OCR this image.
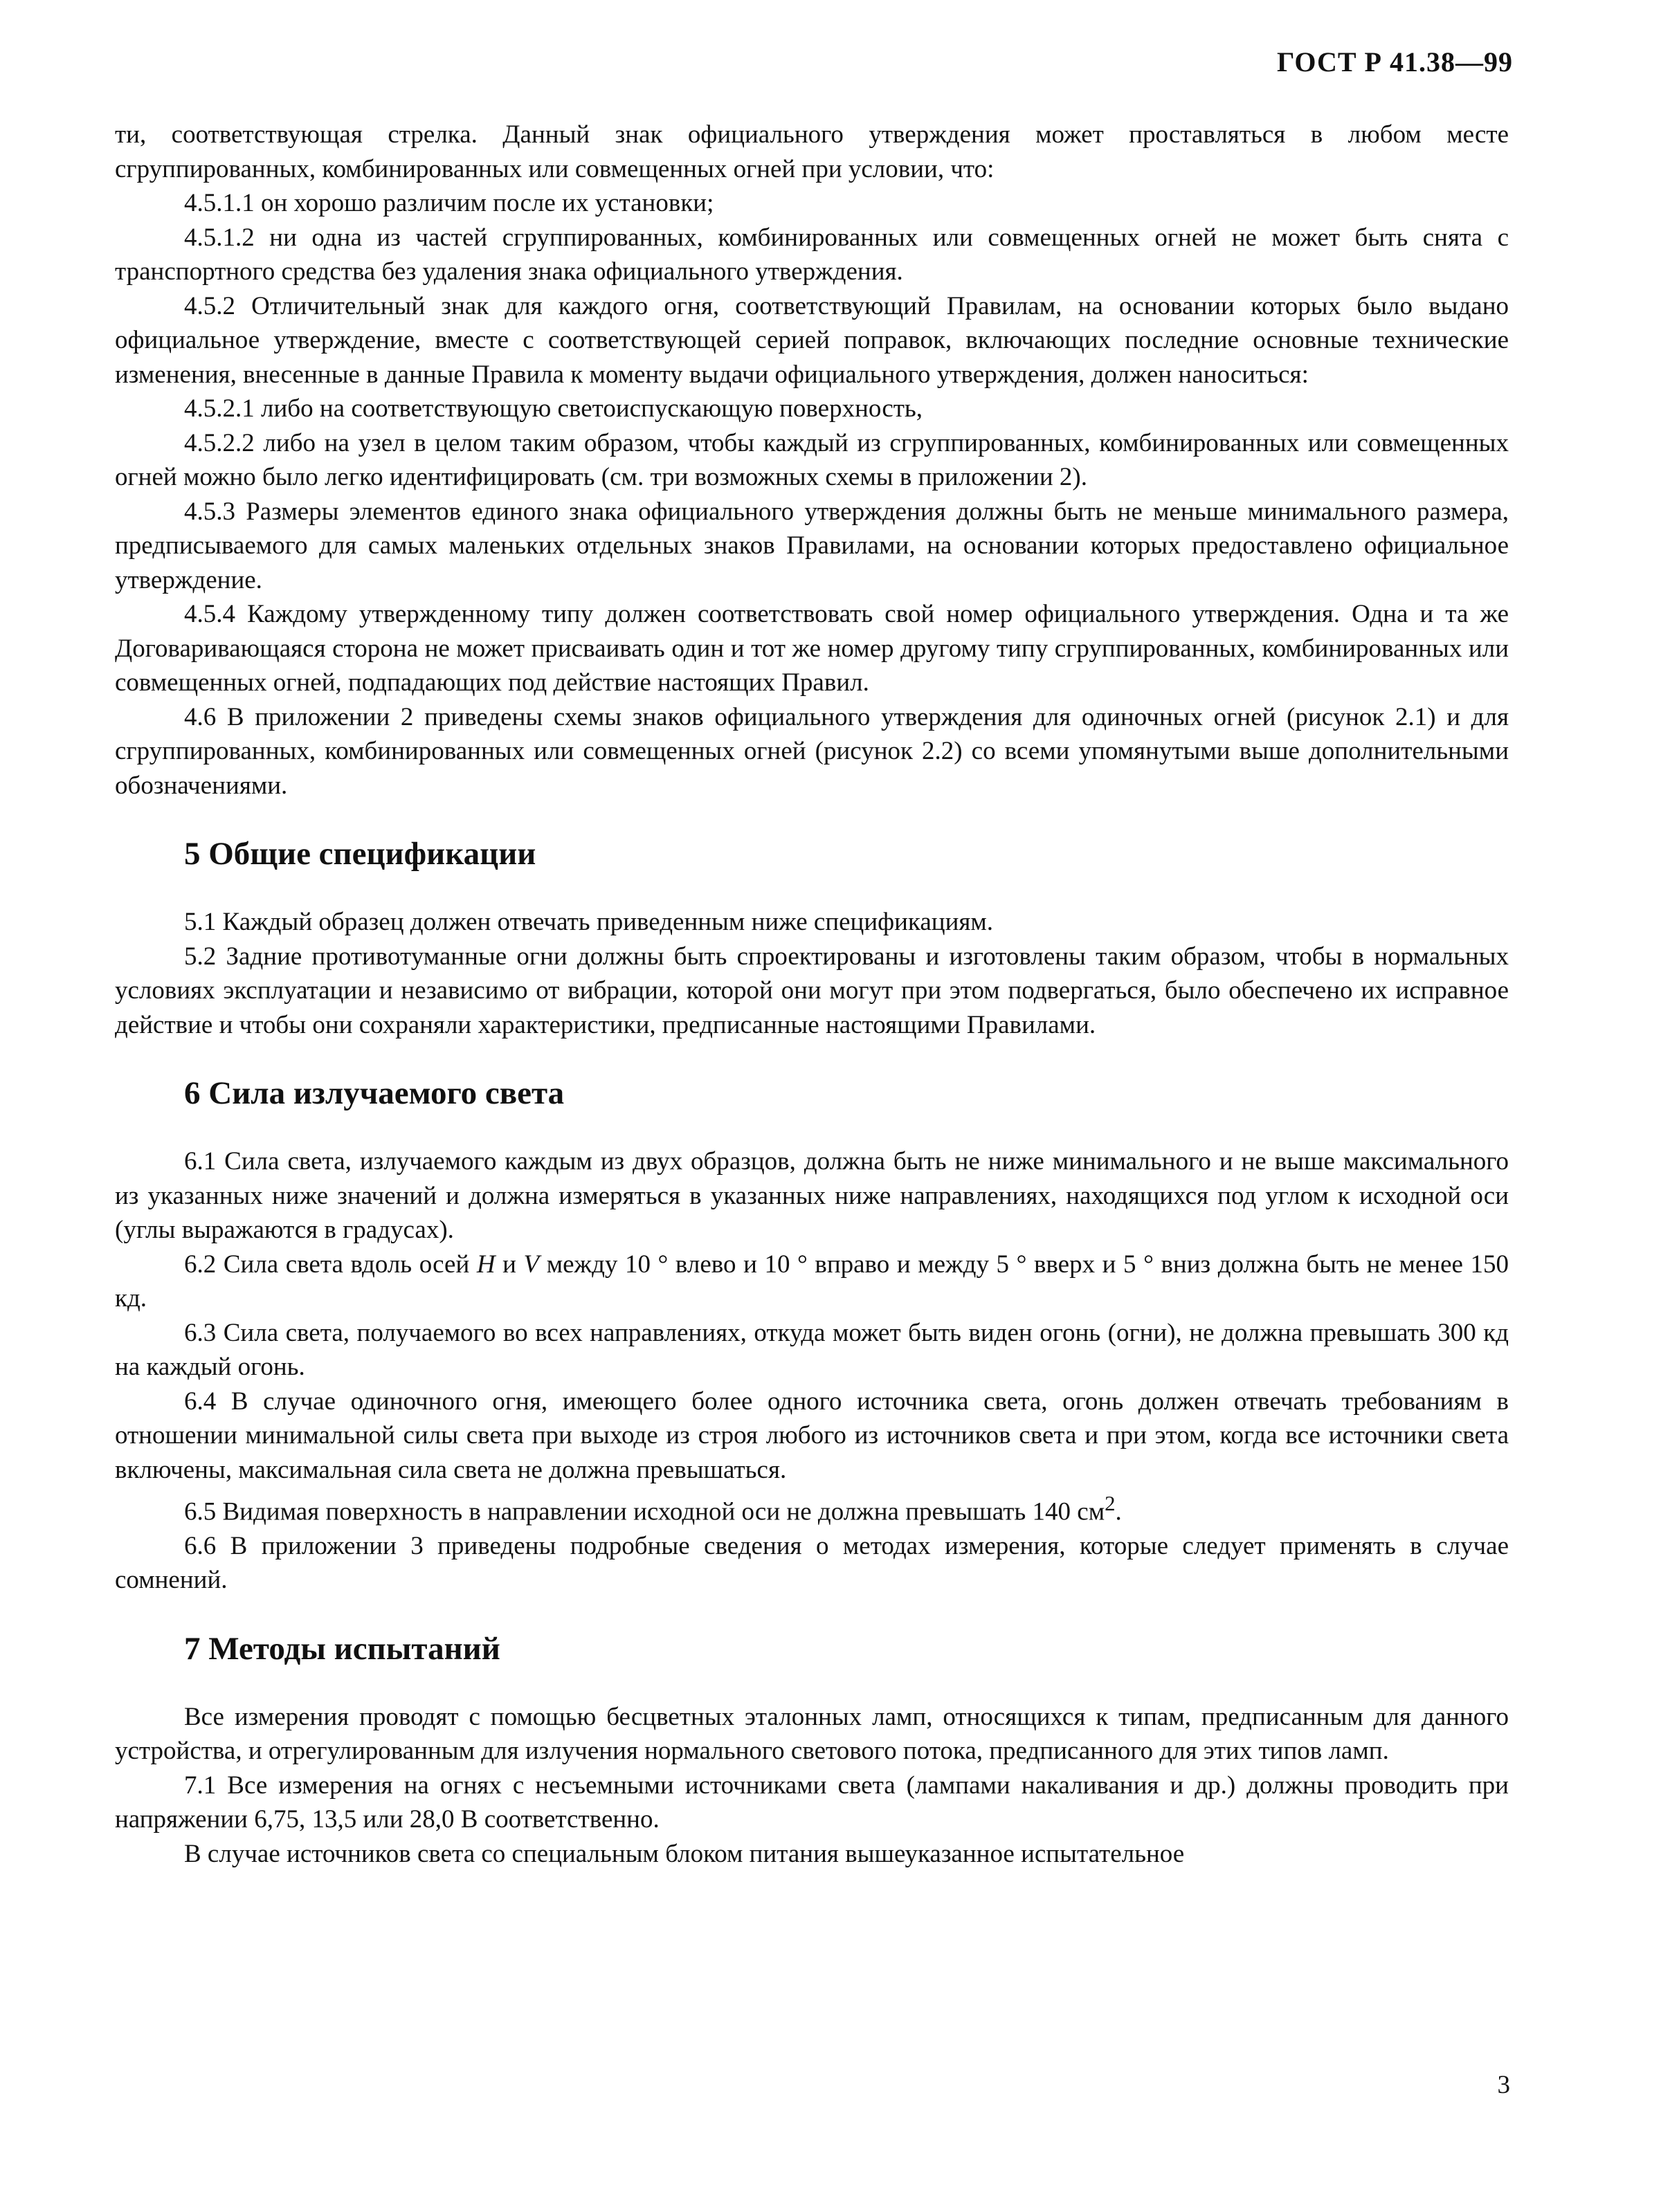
ГОСТ Р 41.38—99

ти, соответствующая стрелка. Данный знак официального утверждения может проставляться в любом месте сгруппированных, комбинированных или совмещенных огней при условии, что:

4.5.1.1 он хорошо различим после их установки;

4.5.1.2 ни одна из частей сгруппированных, комбинированных или совмещенных огней не может быть снята с транспортного средства без удаления знака официального утверждения.

4.5.2 Отличительный знак для каждого огня, соответствующий Правилам, на основании которых было выдано официальное утверждение, вместе с соответствующей серией поправок, включающих последние основные технические изменения, внесенные в данные Правила к моменту выдачи официального утверждения, должен наноситься:

4.5.2.1 либо на соответствующую светоиспускающую поверхность,

4.5.2.2 либо на узел в целом таким образом, чтобы каждый из сгруппированных, комбинированных или совмещенных огней можно было легко идентифицировать (см. три возможных схемы в приложении 2).

4.5.3 Размеры элементов единого знака официального утверждения должны быть не меньше минимального размера, предписываемого для самых маленьких отдельных знаков Правилами, на основании которых предоставлено официальное утверждение.

4.5.4 Каждому утвержденному типу должен соответствовать свой номер официального утверждения. Одна и та же Договаривающаяся сторона не может присваивать один и тот же номер другому типу сгруппированных, комбинированных или совмещенных огней, подпадающих под действие настоящих Правил.

4.6 В приложении 2 приведены схемы знаков официального утверждения для одиночных огней (рисунок 2.1) и для сгруппированных, комбинированных или совмещенных огней (рисунок 2.2) со всеми упомянутыми выше дополнительными обозначениями.

5 Общие спецификации

5.1 Каждый образец должен отвечать приведенным ниже спецификациям.

5.2 Задние противотуманные огни должны быть спроектированы и изготовлены таким образом, чтобы в нормальных условиях эксплуатации и независимо от вибрации, которой они могут при этом подвергаться, было обеспечено их исправное действие и чтобы они сохраняли характеристики, предписанные настоящими Правилами.

6 Сила излучаемого света

6.1 Сила света, излучаемого каждым из двух образцов, должна быть не ниже минимального и не выше максимального из указанных ниже значений и должна измеряться в указанных ниже направлениях, находящихся под углом к исходной оси (углы выражаются в градусах).

6.2 Сила света вдоль осей H и V между 10 ° влево и 10 ° вправо и между 5 ° вверх и 5 ° вниз должна быть не менее 150 кд.

6.3 Сила света, получаемого во всех направлениях, откуда может быть виден огонь (огни), не должна превышать 300 кд на каждый огонь.

6.4 В случае одиночного огня, имеющего более одного источника света, огонь должен отвечать требованиям в отношении минимальной силы света при выходе из строя любого из источников света и при этом, когда все источники света включены, максимальная сила света не должна превышаться.

6.5 Видимая поверхность в направлении исходной оси не должна превышать 140 $см^2$.

6.6 В приложении 3 приведены подробные сведения о методах измерения, которые следует применять в случае сомнений.

7 Методы испытаний

Все измерения проводят с помощью бесцветных эталонных ламп, относящихся к типам, предписанным для данного устройства, и отрегулированным для излучения нормального светового потока, предписанного для этих типов ламп.

7.1 Все измерения на огнях с несъемными источниками света (лампами накаливания и др.) должны проводить при напряжении 6,75, 13,5 или 28,0 В соответственно.

В случае источников света со специальным блоком питания вышеуказанное испытательное

3
